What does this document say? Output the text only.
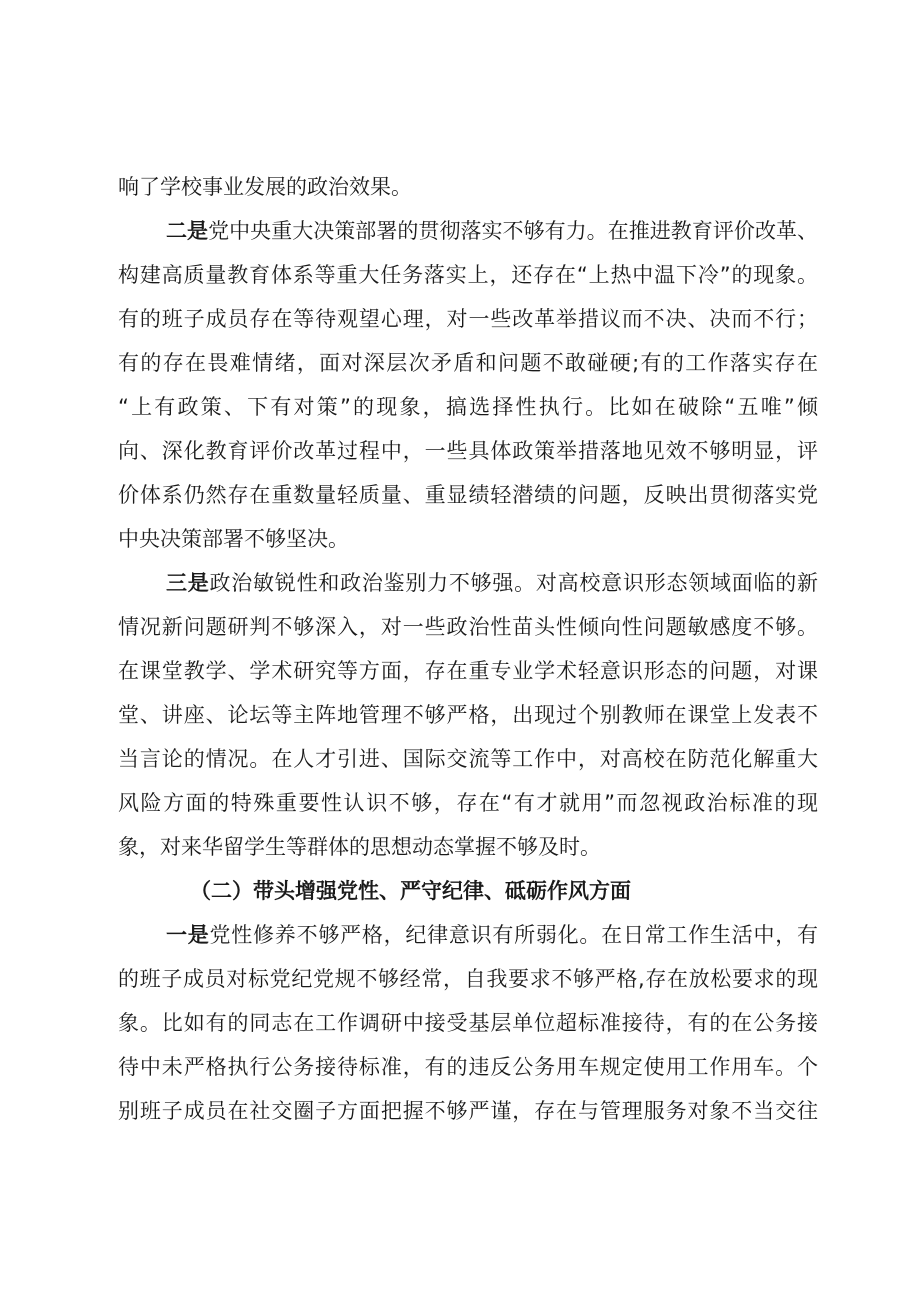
响了学校事业发展的政治效果。
二是党中央重大决策部署的贯彻落实不够有力。在推进教育评价改革、
构建高质量教育体系等重大任务落实上，还存在“上热中温下冷”的现象。
有的班子成员存在等待观望心理，对一些改革举措议而不决、决而不行；
有的存在畏难情绪，面对深层次矛盾和问题不敢碰硬;有的工作落实存在
“上有政策、下有对策”的现象，搞选择性执行。比如在破除“五唯”倾
向、深化教育评价改革过程中，一些具体政策举措落地见效不够明显，评
价体系仍然存在重数量轻质量、重显绩轻潜绩的问题，反映出贯彻落实党
中央决策部署不够坚决。
三是政治敏锐性和政治鉴别力不够强。对高校意识形态领域面临的新
情况新问题研判不够深入，对一些政治性苗头性倾向性问题敏感度不够。
在课堂教学、学术研究等方面，存在重专业学术轻意识形态的问题，对课
堂、讲座、论坛等主阵地管理不够严格，出现过个别教师在课堂上发表不
当言论的情况。在人才引进、国际交流等工作中，对高校在防范化解重大
风险方面的特殊重要性认识不够，存在“有才就用”而忽视政治标准的现
象，对来华留学生等群体的思想动态掌握不够及时。
（二）带头增强党性、严守纪律、砥砺作风方面
一是党性修养不够严格，纪律意识有所弱化。在日常工作生活中，有
的班子成员对标党纪党规不够经常，自我要求不够严格,存在放松要求的现
象。比如有的同志在工作调研中接受基层单位超标准接待，有的在公务接
待中未严格执行公务接待标准，有的违反公务用车规定使用工作用车。个
别班子成员在社交圈子方面把握不够严谨，存在与管理服务对象不当交往
